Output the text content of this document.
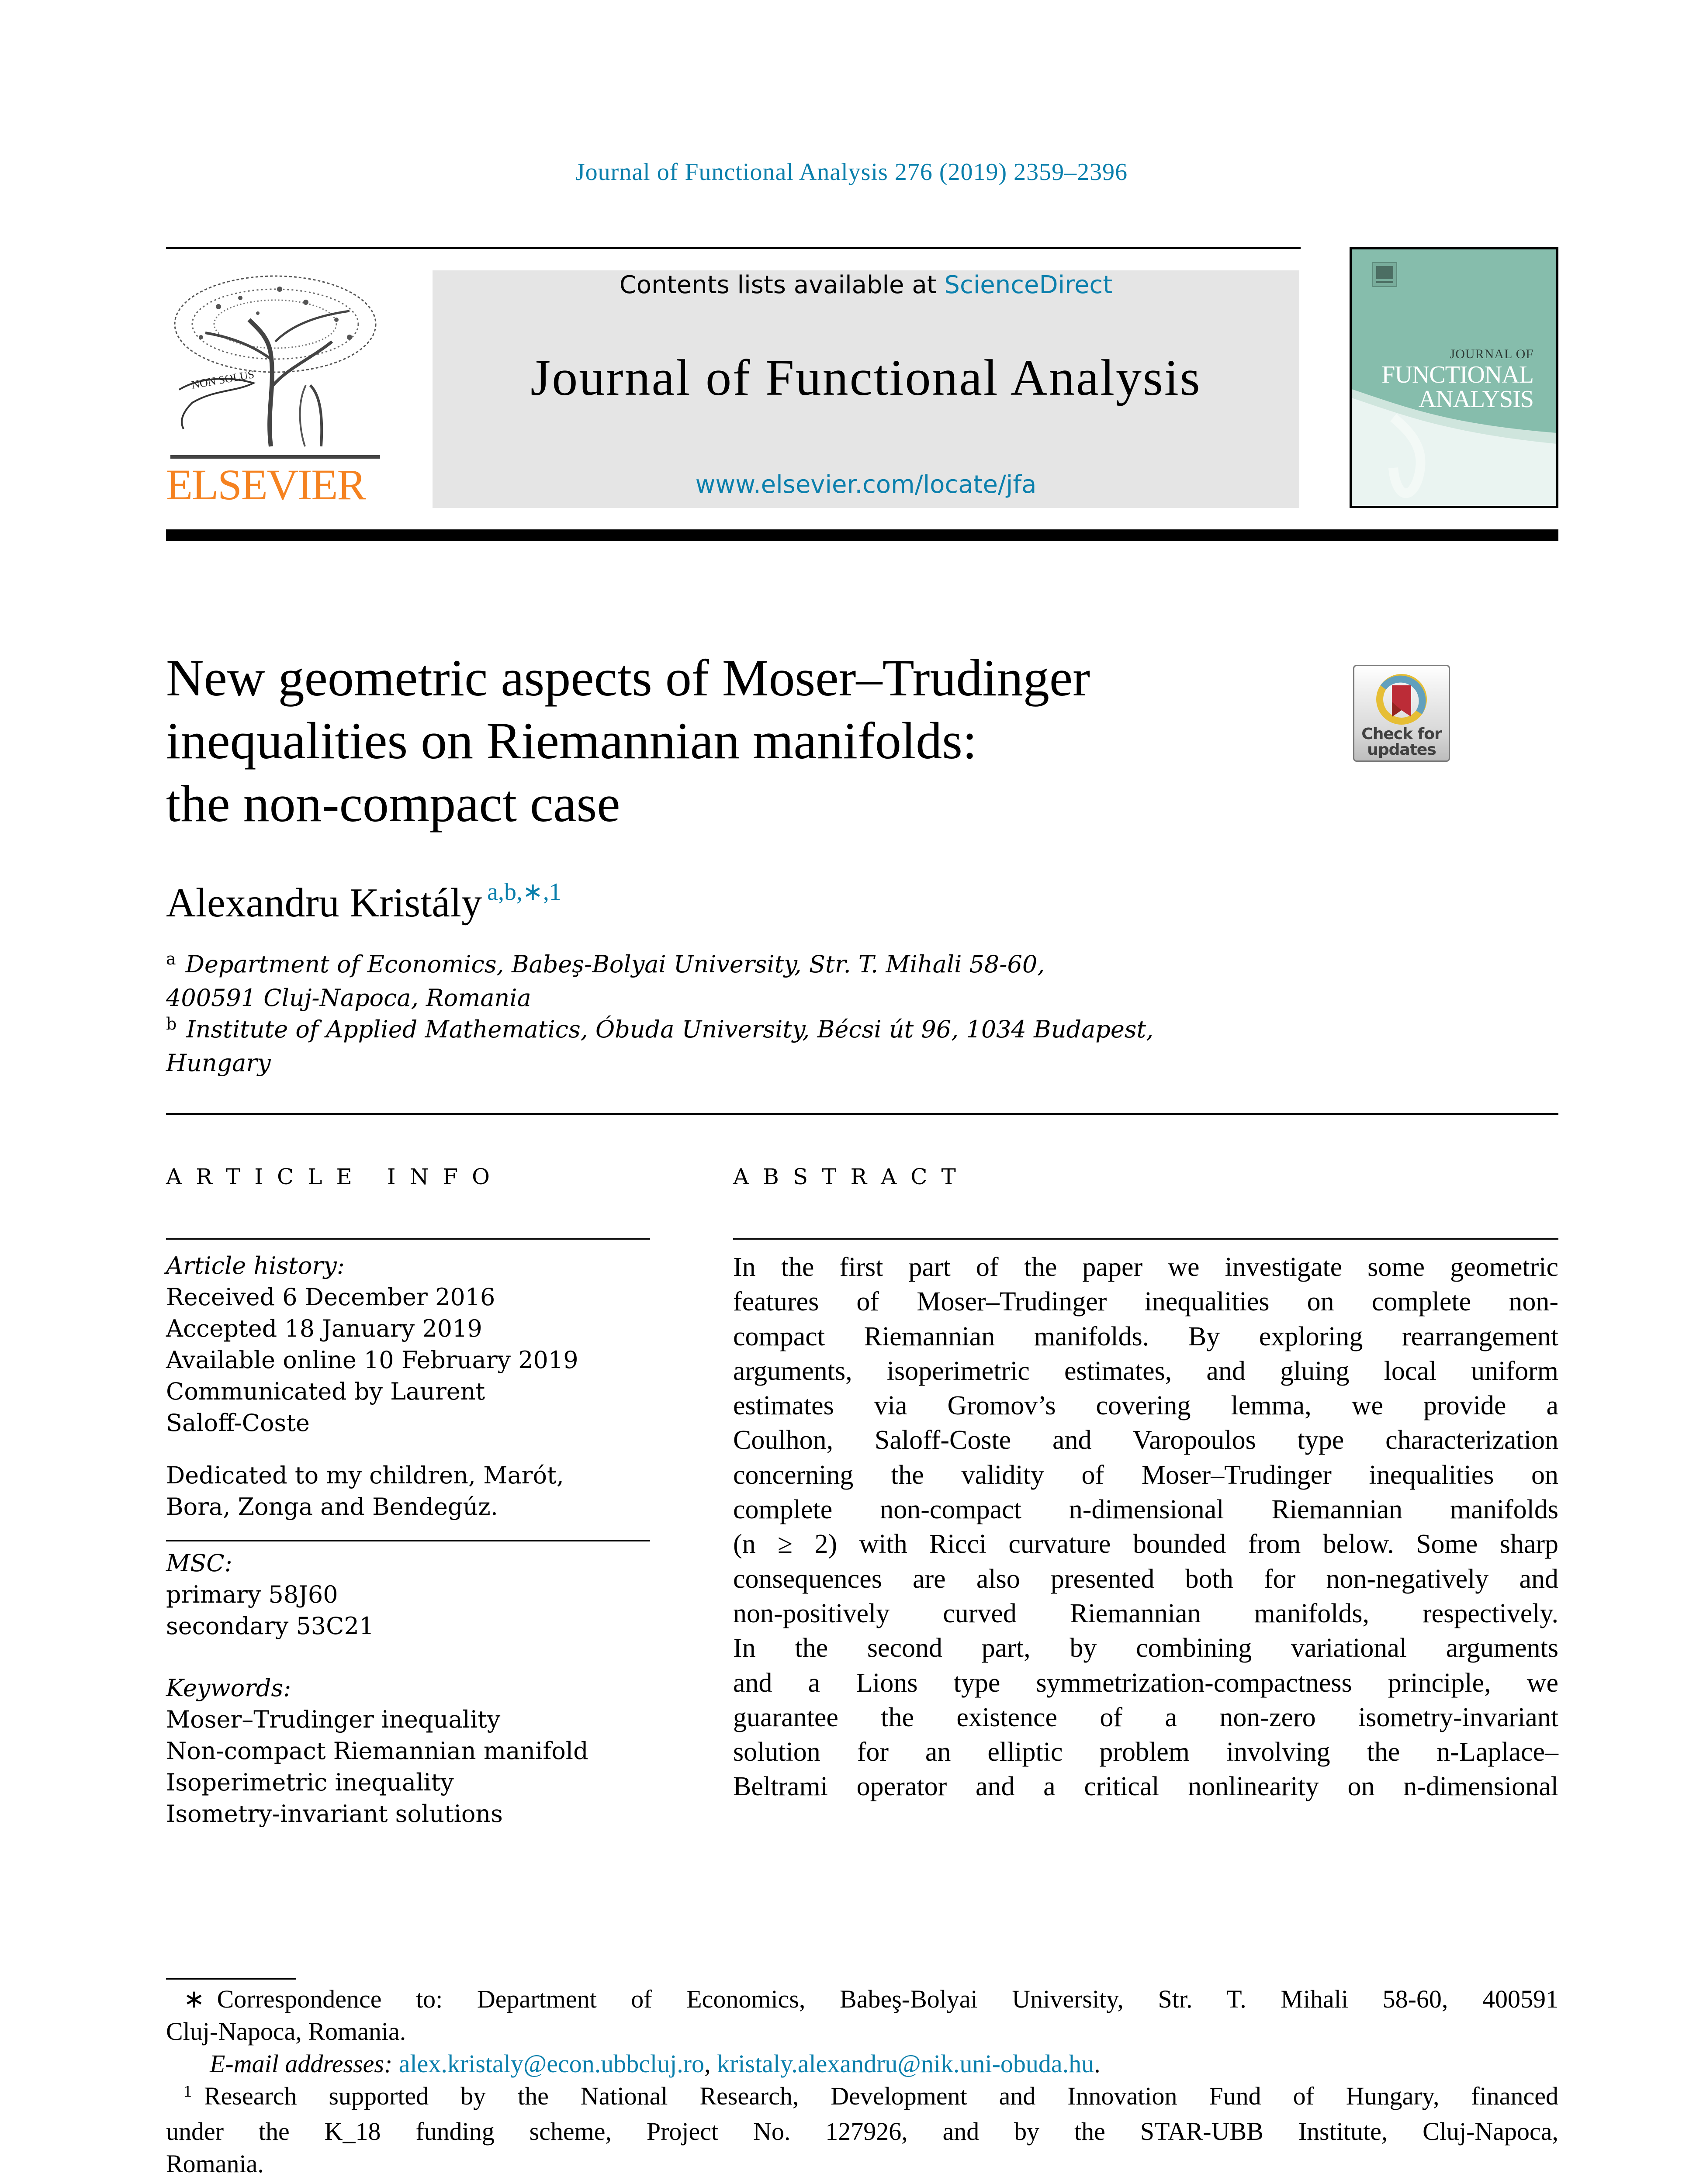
Journal of Functional Analysis 276 (2019) 2359–2396
NON SOLUS
ELSEVIER
Contents lists available at ScienceDirect
Journal of Functional Analysis
www.elsevier.com/locate/jfa
JOURNAL OF
FUNCTIONAL
ANALYSIS
New geometric aspects of Moser–Trudinger
inequalities on Riemannian manifolds:
the non-compact case
Check for
updates
Alexandru Kristály $^{a,b,∗,1}$
$^a$ Department of Economics, Babeş-Bolyai University, Str. T. Mihali 58-60,
400591 Cluj-Napoca, Romania
$^b$ Institute of Applied Mathematics, Óbuda University, Bécsi út 96, 1034 Budapest,
Hungary
ARTICLE INFO	ABSTRACT
Article history:
Received 6 December 2016
Accepted 18 January 2019
Available online 10 February 2019
Communicated by Laurent
Saloff-Coste
Dedicated to my children, Marót,
Bora, Zonga and Bendegúz.
MSC:
primary 58J60
secondary 53C21
Keywords:
Moser–Trudinger inequality
Non-compact Riemannian manifold
Isoperimetric inequality
Isometry-invariant solutions
In the first part of the paper we investigate some geometric
features of Moser–Trudinger inequalities on complete non-
compact Riemannian manifolds. By exploring rearrangement
arguments, isoperimetric estimates, and gluing local uniform
estimates via Gromov’s covering lemma, we provide a
Coulhon, Saloff-Coste and Varopoulos type characterization
concerning the validity of Moser–Trudinger inequalities on
complete non-compact n-dimensional Riemannian manifolds
(n ≥ 2) with Ricci curvature bounded from below. Some sharp
consequences are also presented both for non-negatively and
non-positively curved Riemannian manifolds, respectively.
In the second part, by combining variational arguments
and a Lions type symmetrization-compactness principle, we
guarantee the existence of a non-zero isometry-invariant
solution for an elliptic problem involving the n-Laplace–
Beltrami operator and a critical nonlinearity on n-dimensional
∗ Correspondence to: Department of Economics, Babeş-Bolyai University, Str. T. Mihali 58-60, 400591
Cluj-Napoca, Romania.
E-mail addresses: alex.kristaly@econ.ubbcluj.ro, kristaly.alexandru@nik.uni-obuda.hu.
$^1$ Research supported by the National Research, Development and Innovation Fund of Hungary, financed
under the K_18 funding scheme, Project No. 127926, and by the STAR-UBB Institute, Cluj-Napoca,
Romania.
